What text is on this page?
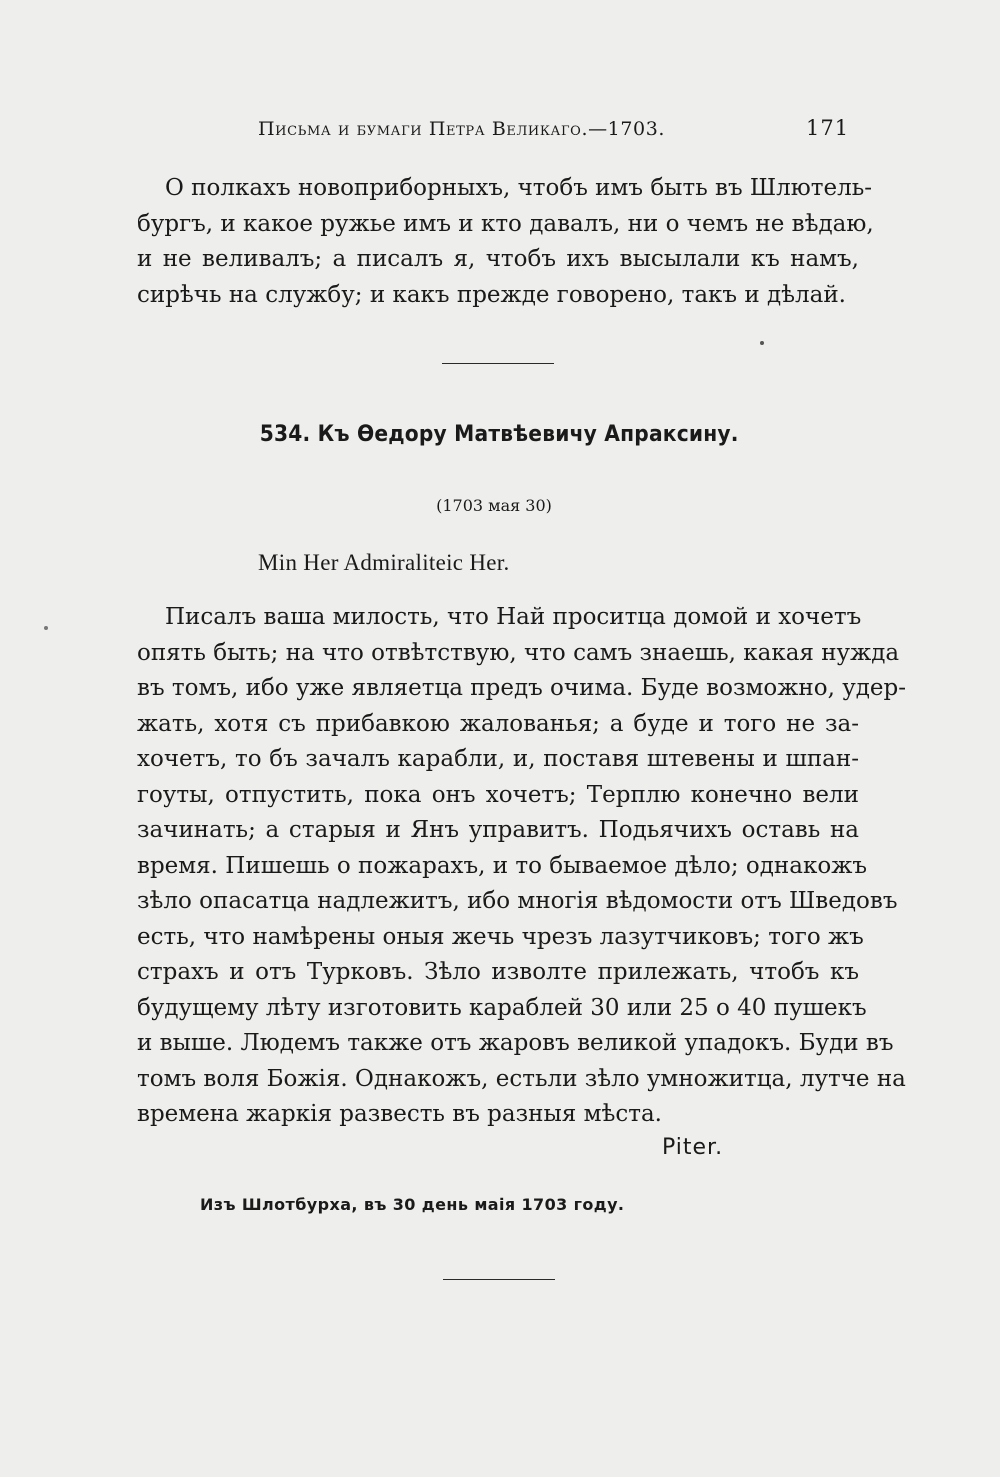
Письма и бумаги Петра Великаго.—1703.	171
О полкахъ новоприборныхъ, чтобъ имъ быть въ Шлютель-
бургъ, и какое ружье имъ и кто давалъ, ни о чемъ не вѣдаю,
и не веливалъ; а писалъ я, чтобъ ихъ высылали къ намъ,
сирѣчь на службу; и какъ прежде говорено, такъ и дѣлай.
534. Къ Ѳедору Матвѣевичу Апраксину.
(1703 мая 30)
Min Her Admiraliteic Her.
Писалъ ваша милость, что Най проситца домой и хочетъ
опять быть; на что отвѣтствую, что самъ знаешь, какая нужда
въ томъ, ибо уже являетца предъ очима. Буде возможно, удер-
жать, хотя съ прибавкою жалованья; а буде и того не за-
хочетъ, то бъ зачалъ карабли, и, поставя штевены и шпан-
гоуты, отпустить, пока онъ хочетъ; Терплю конечно вели
зачинать; а старыя и Янъ управитъ. Подьячихъ оставь на
время. Пишешь о пожарахъ, и то бываемое дѣло; однакожъ
зѣло опасатца надлежитъ, ибо многія вѣдомости отъ Шведовъ
есть, что намѣрены оныя жечь чрезъ лазутчиковъ; того жъ
страхъ и отъ Турковъ. Зѣло изволте прилежать, чтобъ къ
будущему лѣту изготовить караблей 30 или 25 о 40 пушекъ
и выше. Людемъ также отъ жаровъ великой упадокъ. Буди въ
томъ воля Божія. Однакожъ, естьли зѣло умножитца, лутче на
времена жаркія развесть въ разныя мѣста.
Piter.
Изъ Шлотбурха, въ 30 день маія 1703 году.
